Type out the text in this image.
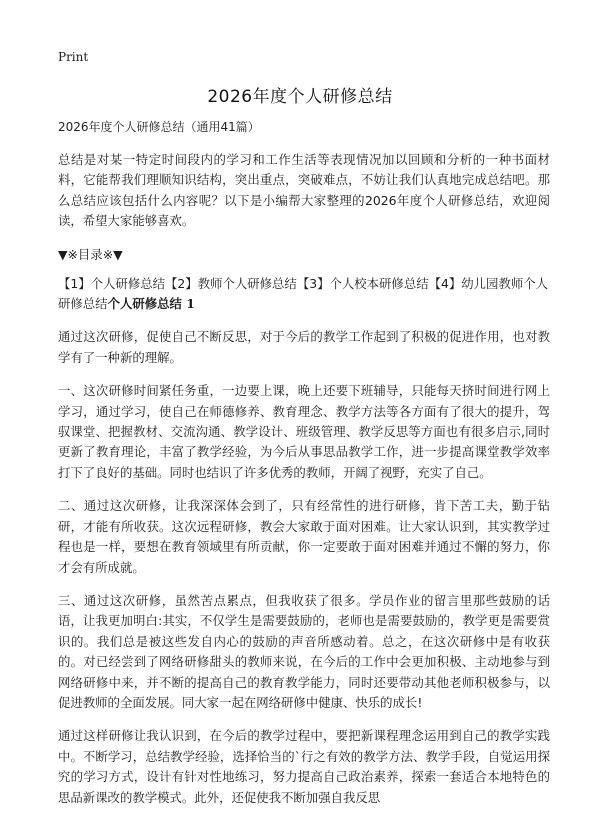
Print
2026年度个人研修总结
2026年度个人研修总结（通用41篇）

总结是对某一特定时间段内的学习和工作生活等表现情况加以回顾和分析的一种书面材料，它能帮我们理顺知识结构，突出重点，突破难点，不妨让我们认真地完成总结吧。那么总结应该包括什么内容呢？以下是小编帮大家整理的2026年度个人研修总结，欢迎阅读，希望大家能够喜欢。

▼※目录※▼
【1】个人研修总结【2】教师个人研修总结【3】个人校本研修总结【4】幼儿园教师个人研修总结个人研修总结 1

通过这次研修，促使自己不断反思，对于今后的教学工作起到了积极的促进作用，也对教学有了一种新的理解。

一、这次研修时间紧任务重，一边要上课，晚上还要下班辅导，只能每天挤时间进行网上学习，通过学习，使自己在师德修养、教育理念、教学方法等各方面有了很大的提升，驾驭课堂、把握教材、交流沟通、教学设计、班级管理、教学反思等方面也有很多启示,同时更新了教育理论，丰富了教学经验，为今后从事思品教学工作，进一步提高课堂教学效率打下了良好的基础。同时也结识了许多优秀的教师，开阔了视野，充实了自己。

二、通过这次研修，让我深深体会到了，只有经常性的进行研修，肯下苦工夫，勤于钻研，才能有所收获。这次远程研修，教会大家敢于面对困难。让大家认识到，其实教学过程也是一样，要想在教育领域里有所贡献，你一定要敢于面对困难并通过不懈的努力，你才会有所成就。

三、通过这次研修，虽然苦点累点，但我收获了很多。学员作业的留言里那些鼓励的话语，让我更加明白:其实，不仅学生是需要鼓励的，老师也是需要鼓励的，教学更是需要赏识的。我们总是被这些发自内心的鼓励的声音所感动着。总之，在这次研修中是有收获的。对已经尝到了网络研修甜头的教师来说，在今后的工作中会更加积极、主动地参与到网络研修中来，并不断的提高自己的教育教学能力，同时还要带动其他老师积极参与，以促进教师的全面发展。同大家一起在网络研修中健康、快乐的成长!

通过这样研修让我认识到，在今后的教学过程中，要把新课程理念运用到自己的教学实践中。不断学习，总结教学经验，选择恰当的`行之有效的教学方法、教学手段，自觉运用探究的学习方式，设计有针对性地练习，努力提高自己政治素养，探索一套适合本地特色的思品新课改的教学模式。此外，还促使我不断加强自我反思
